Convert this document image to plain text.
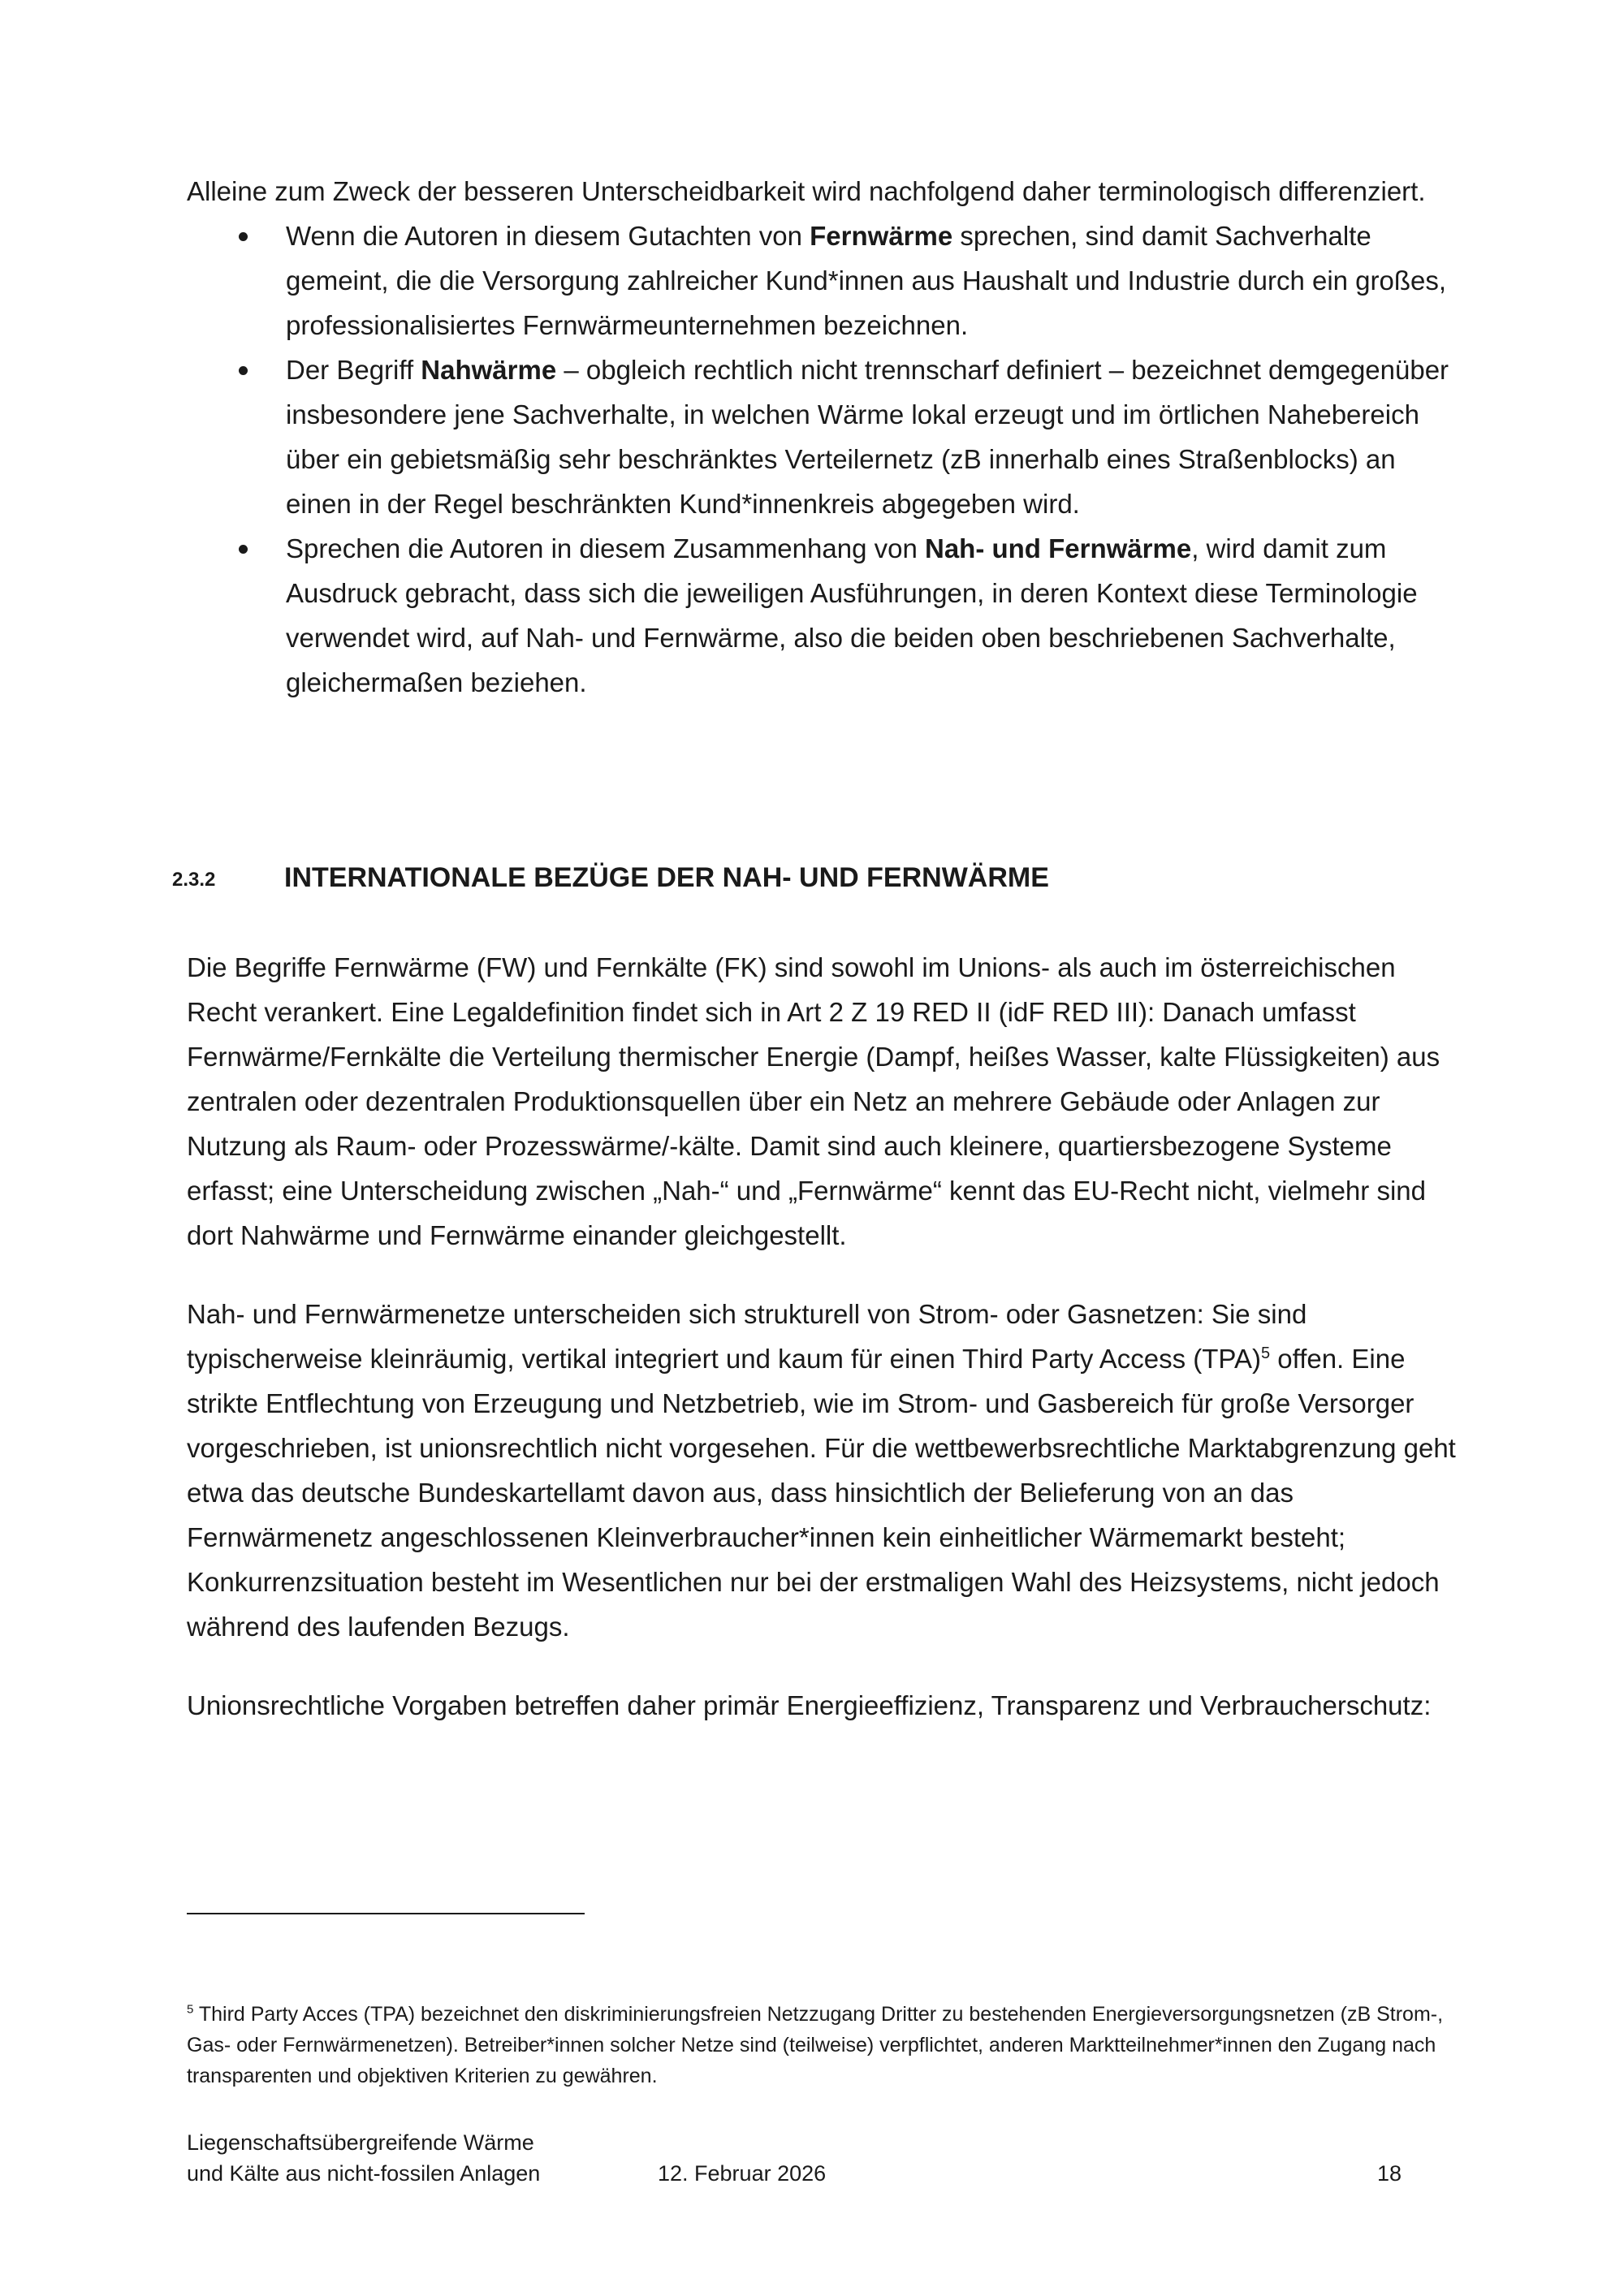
Alleine zum Zweck der besseren Unterscheidbarkeit wird nachfolgend daher terminologisch differenziert.

Wenn die Autoren in diesem Gutachten von Fernwärme sprechen, sind damit Sachverhalte gemeint, die die Versorgung zahlreicher Kund*innen aus Haushalt und Industrie durch ein großes, professionalisiertes Fernwärmeunternehmen bezeichnen.
Der Begriff Nahwärme – obgleich rechtlich nicht trennscharf definiert – bezeichnet demgegenüber insbesondere jene Sachverhalte, in welchen Wärme lokal erzeugt und im örtlichen Nahebereich über ein gebietsmäßig sehr beschränktes Verteilernetz (zB innerhalb eines Straßenblocks) an einen in der Regel beschränkten Kund*innenkreis abgegeben wird.
Sprechen die Autoren in diesem Zusammenhang von Nah- und Fernwärme, wird damit zum Ausdruck gebracht, dass sich die jeweiligen Ausführungen, in deren Kontext diese Terminologie verwendet wird, auf Nah- und Fernwärme, also die beiden oben beschriebenen Sachverhalte, gleichermaßen beziehen.
2.3.2 INTERNATIONALE BEZÜGE DER NAH- UND FERNWÄRME

Die Begriffe Fernwärme (FW) und Fernkälte (FK) sind sowohl im Unions- als auch im österreichischen Recht verankert. Eine Legaldefinition findet sich in Art 2 Z 19 RED II (idF RED III): Danach umfasst Fernwärme/Fernkälte die Verteilung thermischer Energie (Dampf, heißes Wasser, kalte Flüssigkeiten) aus zentralen oder dezentralen Produktionsquellen über ein Netz an mehrere Gebäude oder Anlagen zur Nutzung als Raum- oder Prozesswärme/-kälte. Damit sind auch kleinere, quartiersbezogene Systeme erfasst; eine Unterscheidung zwischen „Nah-“ und „Fernwärme“ kennt das EU-Recht nicht, vielmehr sind dort Nahwärme und Fernwärme einander gleichgestellt.

Nah- und Fernwärmenetze unterscheiden sich strukturell von Strom- oder Gasnetzen: Sie sind typischerweise kleinräumig, vertikal integriert und kaum für einen Third Party Access (TPA)$^5$ offen. Eine strikte Entflechtung von Erzeugung und Netzbetrieb, wie im Strom- und Gasbereich für große Versorger vorgeschrieben, ist unionsrechtlich nicht vorgesehen. Für die wettbewerbsrechtliche Marktabgrenzung geht etwa das deutsche Bundeskartellamt davon aus, dass hinsichtlich der Belieferung von an das Fernwärmenetz angeschlossenen Kleinverbraucher*innen kein einheitlicher Wärmemarkt besteht; Konkurrenzsituation besteht im Wesentlichen nur bei der erstmaligen Wahl des Heizsystems, nicht jedoch während des laufenden Bezugs.

Unionsrechtliche Vorgaben betreffen daher primär Energieeffizienz, Transparenz und Verbraucherschutz:

$^5$ Third Party Acces (TPA) bezeichnet den diskriminierungsfreien Netzzugang Dritter zu bestehenden Energieversorgungsnetzen (zB Strom-, Gas- oder Fernwärmenetzen). Betreiber*innen solcher Netze sind (teilweise) verpflichtet, anderen Marktteilnehmer*innen den Zugang nach transparenten und objektiven Kriterien zu gewähren.
Liegenschaftsübergreifende Wärme
und Kälte aus nicht-fossilen Anlagen	12. Februar 2026	18
